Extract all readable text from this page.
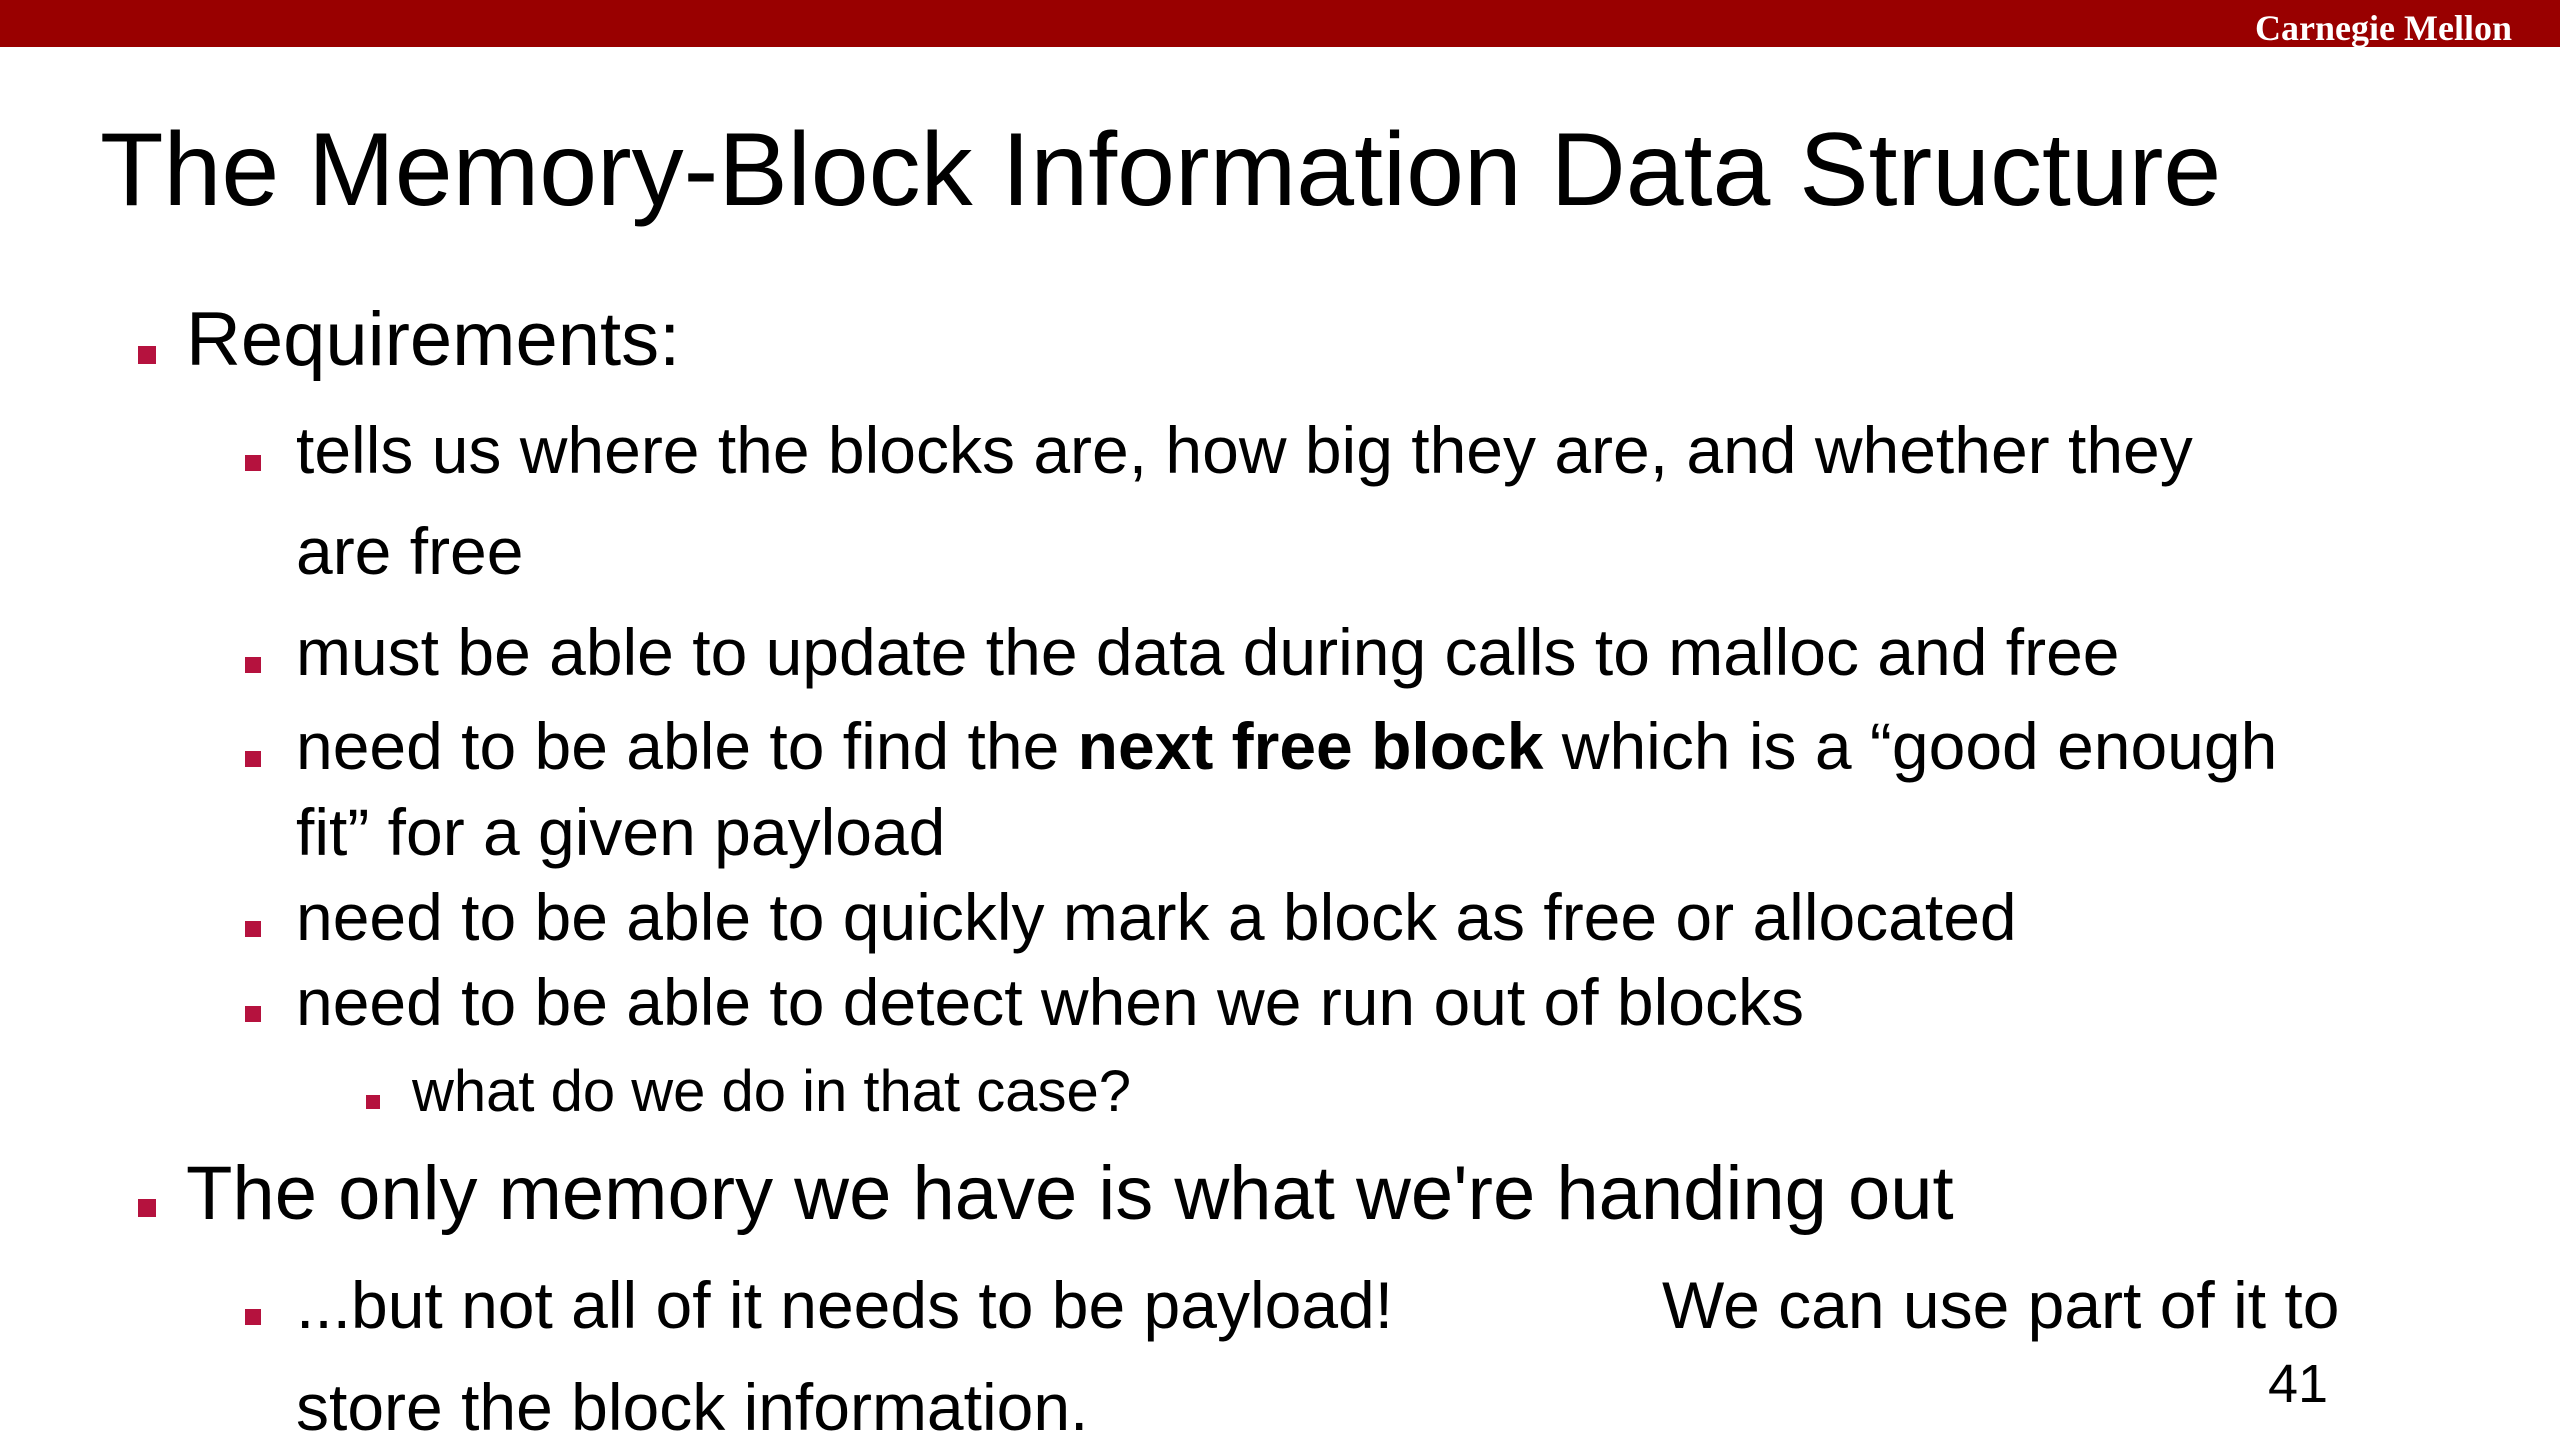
Carnegie Mellon
The Memory-Block Information Data Structure

Requirements:

tells us where the blocks are, how big they are, and whether they

are free

must be able to update the data during calls to malloc and free

need to be able to find the next free block which is a “good enough

fit” for a given payload

need to be able to quickly mark a block as free or allocated

need to be able to detect when we run out of blocks

what do we do in that case?

The only memory we have is what we're handing out

...but not all of it needs to be payload!	We can use part of it to

store the block information.	41
